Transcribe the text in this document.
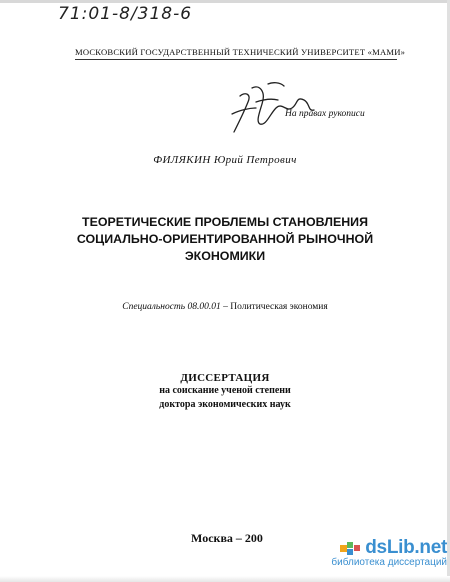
71:01-8/318-6
МОСКОВСКИЙ ГОСУДАРСТВЕННЫЙ ТЕХНИЧЕСКИЙ УНИВЕРСИТЕТ «МАМИ»
На правах рукописи
ФИЛЯКИН Юрий Петрович
ТЕОРЕТИЧЕСКИЕ ПРОБЛЕМЫ СТАНОВЛЕНИЯ
СОЦИАЛЬНО-ОРИЕНТИРОВАННОЙ РЫНОЧНОЙ
ЭКОНОМИКИ
Специальность 08.00.01 – Политическая экономия
ДИССЕРТАЦИЯ
на соискание ученой степени
доктора экономических наук
Москва – 200	dsLib.net
библиотека диссертаций
